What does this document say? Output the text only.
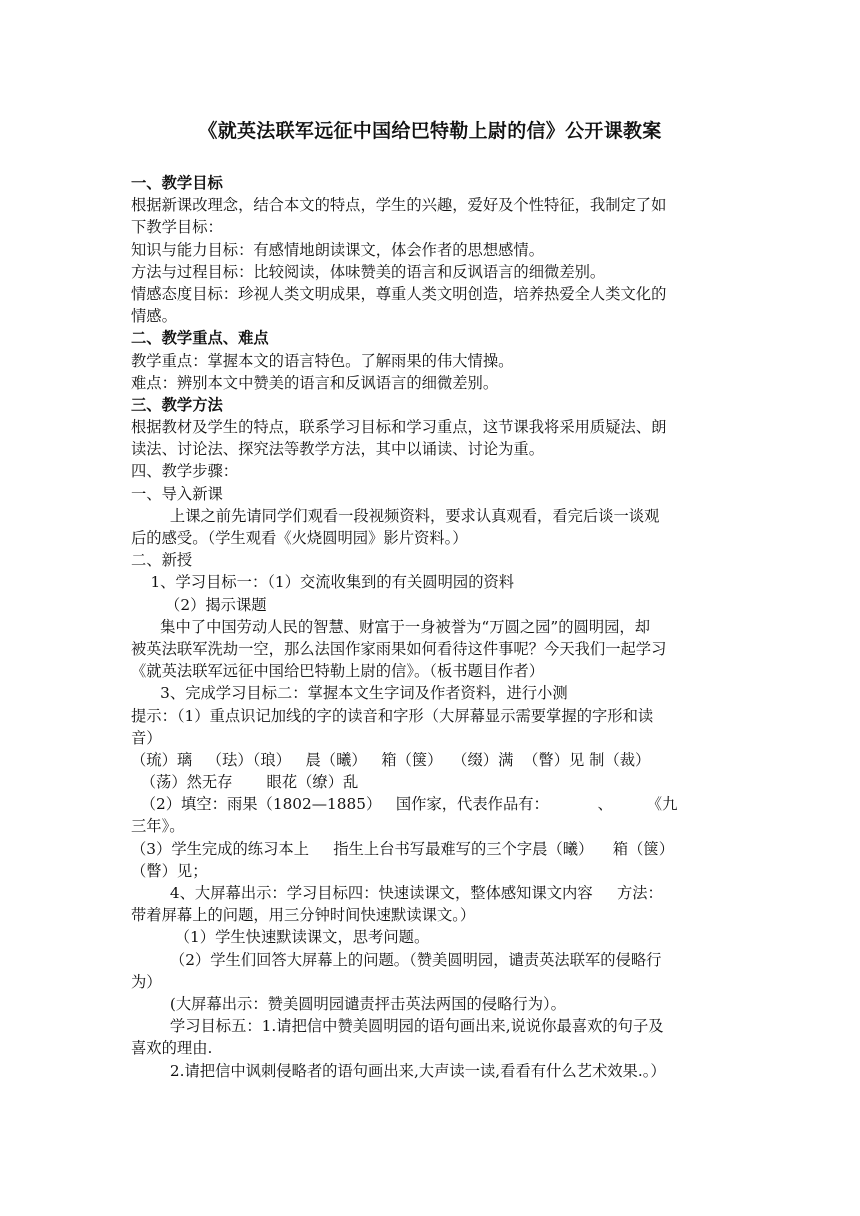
《就英法联军远征中国给巴特勒上尉的信》公开课教案
一、教学目标
根据新课改理念，结合本文的特点，学生的兴趣，爱好及个性特征，我制定了如
下教学目标：
知识与能力目标：有感情地朗读课文，体会作者的思想感情。
方法与过程目标：比较阅读，体味赞美的语言和反讽语言的细微差别。
情感态度目标：珍视人类文明成果，尊重人类文明创造，培养热爱全人类文化的
情感。
二、教学重点、难点
教学重点：掌握本文的语言特色。了解雨果的伟大情操。
难点：辨别本文中赞美的语言和反讽语言的细微差别。
三、教学方法
根据教材及学生的特点，联系学习目标和学习重点，这节课我将采用质疑法、朗
读法、讨论法、探究法等教学方法，其中以诵读、讨论为重。
四、教学步骤：
一、导入新课
上课之前先请同学们观看一段视频资料，要求认真观看，看完后谈一谈观
后的感受。（学生观看《火烧圆明园》影片资料。）
二、新授
1、学习目标一：（1）交流收集到的有关圆明园的资料
（2）揭示课题
集中了中国劳动人民的智慧、财富于一身被誉为“万圆之园”的圆明园，却
被英法联军洗劫一空，那么法国作家雨果如何看待这件事呢？今天我们一起学习
《就英法联军远征中国给巴特勒上尉的信》。（板书题目作者）
3、完成学习目标二：掌握本文生字词及作者资料，进行小测
提示：（1）重点识记加线的字的读音和字形（大屏幕显示需要掌握的字形和读
音）
（琉）璃   （珐）（琅）   晨（曦）   箱（箧）  （缀）满  （瞥）见 制（裁）
（荡）然无存       眼花（缭）乱
（2）填空：雨果（1802—1885）   国作家，代表作品有：          、       《九
三年》。
（3）学生完成的练习本上     指生上台书写最难写的三个字晨（曦）    箱（箧）
（瞥）见；
4、大屏幕出示：学习目标四：快速读课文，整体感知课文内容     方法：
带着屏幕上的问题，用三分钟时间快速默读课文。）
（1）学生快速默读课文，思考问题。
（2）学生们回答大屏幕上的问题。（赞美圆明园，谴责英法联军的侵略行
为）
(大屏幕出示：赞美圆明园谴责抨击英法两国的侵略行为）。
学习目标五：1.请把信中赞美圆明园的语句画出来,说说你最喜欢的句子及
喜欢的理由.
2.请把信中讽刺侵略者的语句画出来,大声读一读,看看有什么艺术效果.。）
